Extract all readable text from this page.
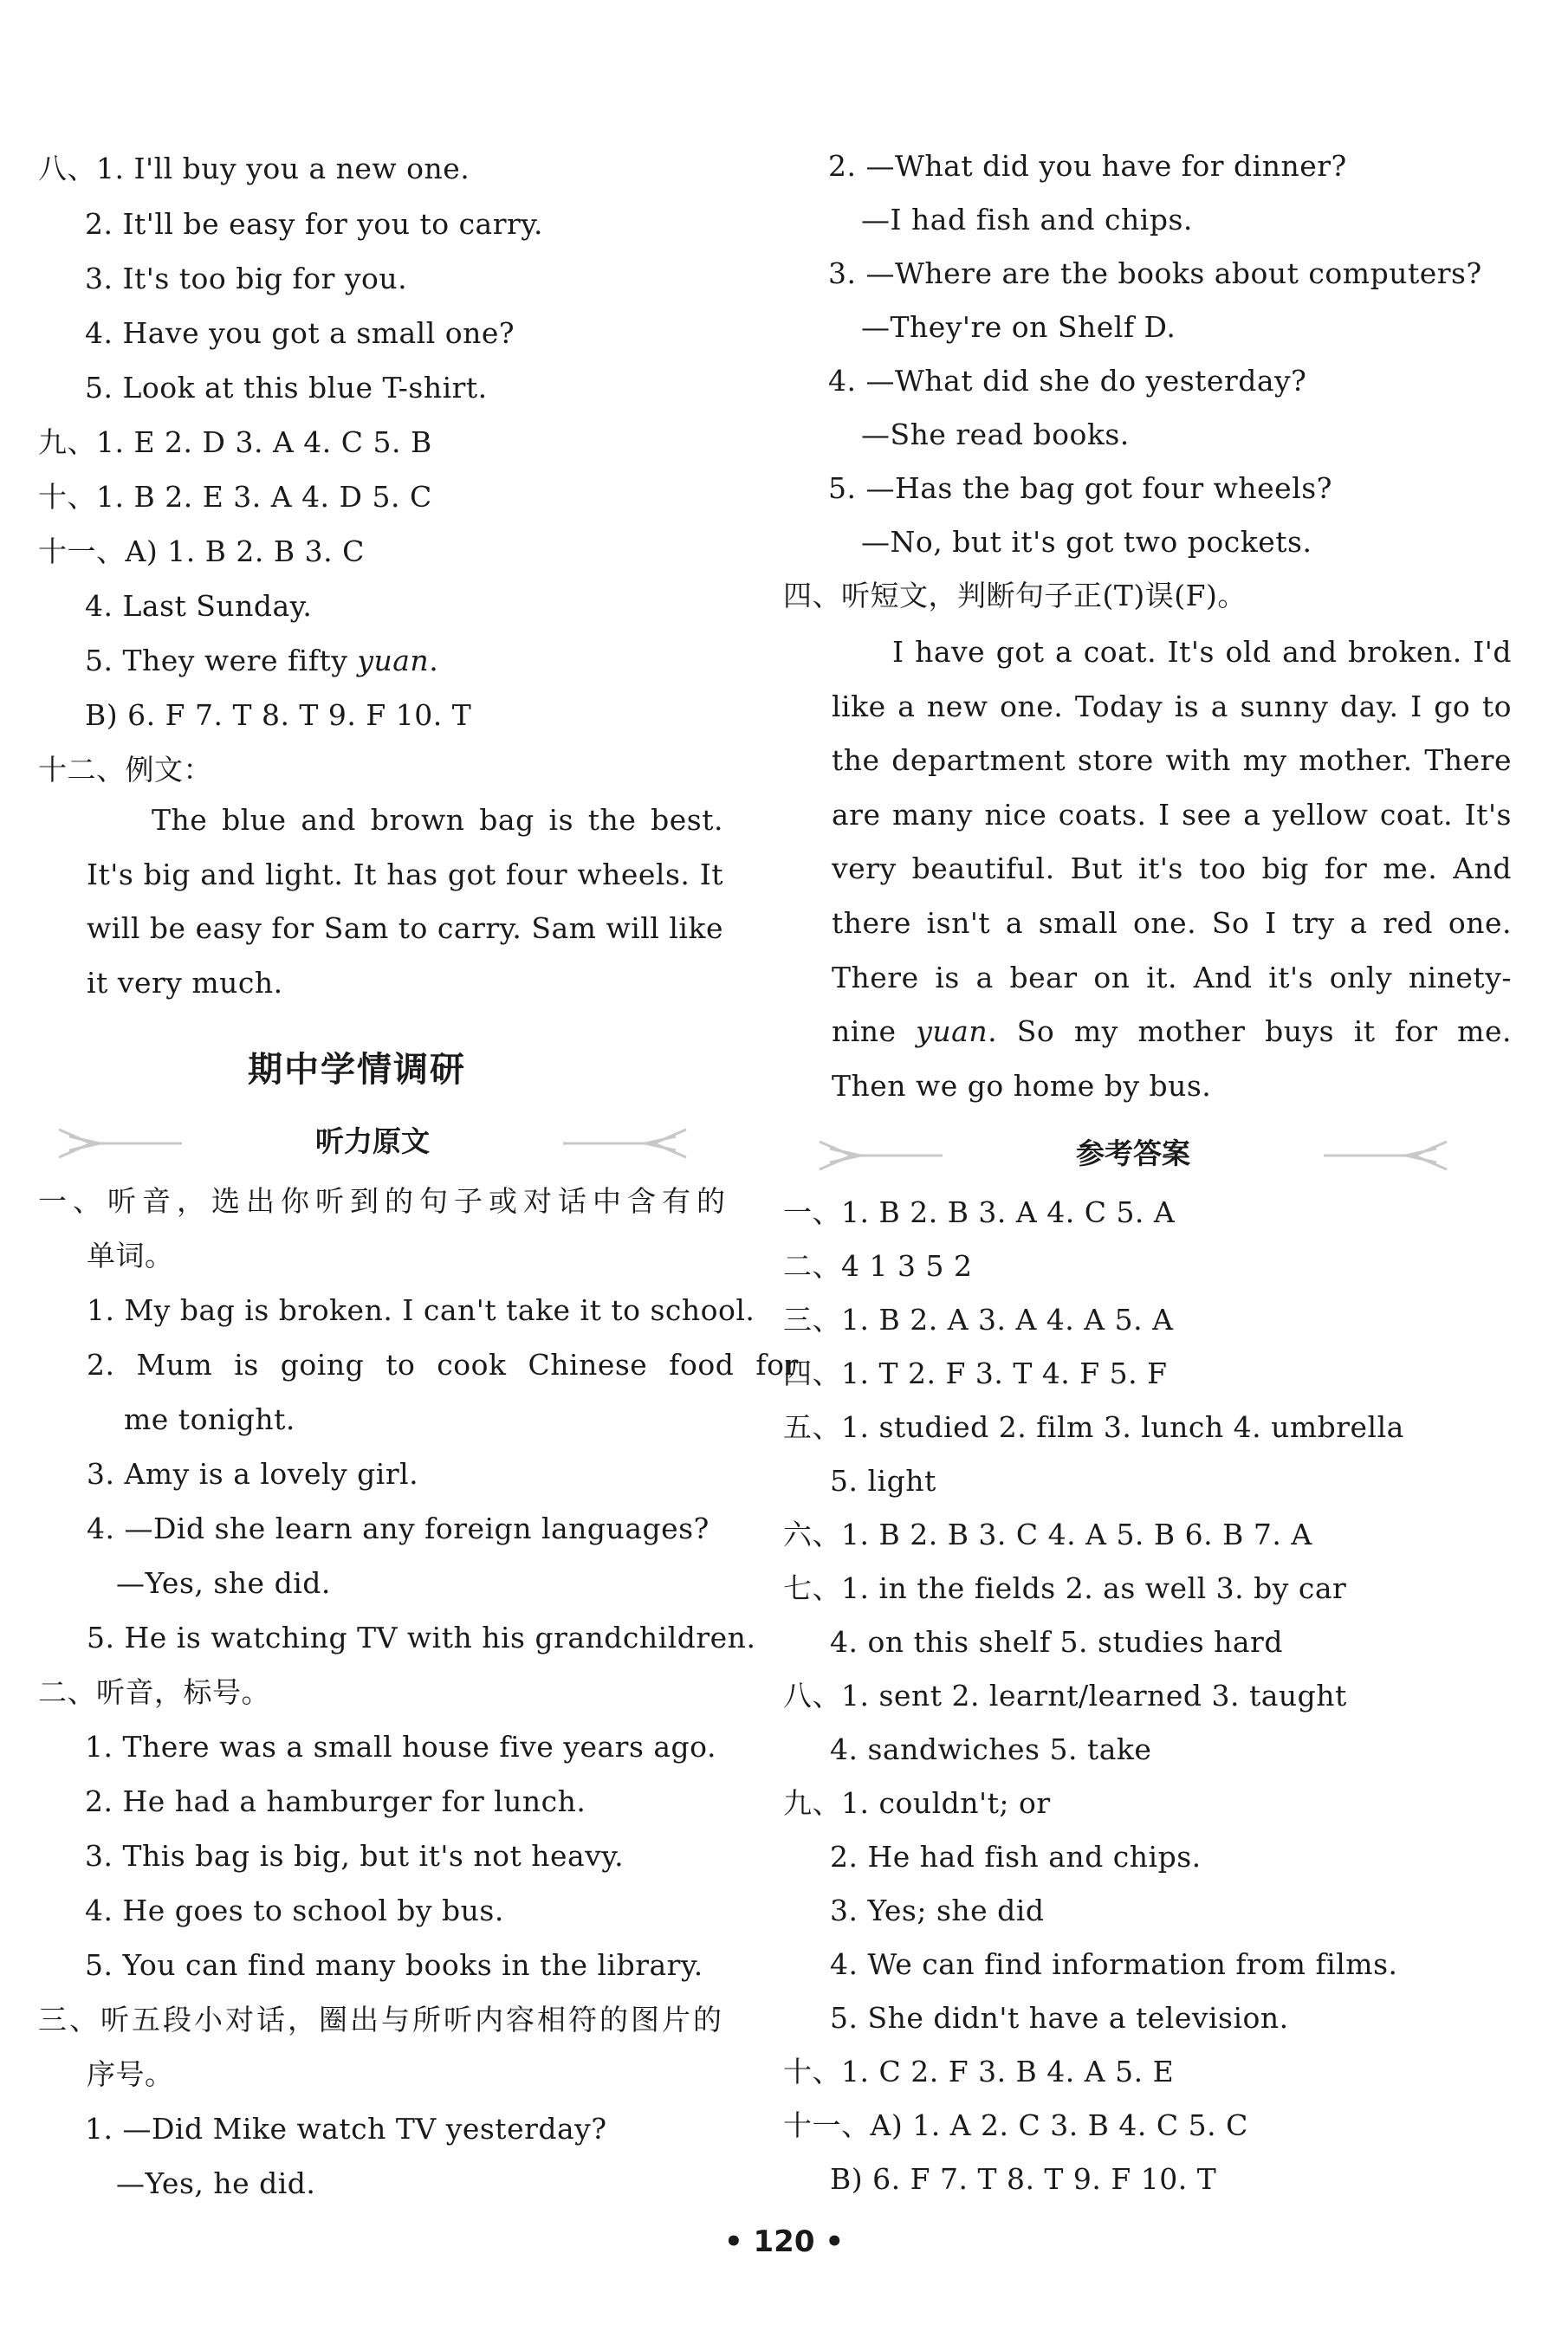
八、1. I'll buy you a new one.
2. It'll be easy for you to carry.
3. It's too big for you.
4. Have you got a small one?
5. Look at this blue T-shirt.
九、1. E 2. D 3. A 4. C 5. B
十、1. B 2. E 3. A 4. D 5. C
十一、A) 1. B 2. B 3. C
4. Last Sunday.
5. They were fifty yuan.
B) 6. F 7. T 8. T 9. F 10. T
十二、例文：
The blue and brown bag is the best. It's big and light. It has got four wheels. It will be easy for Sam to carry. Sam will like it very much.
期中学情调研
听力原文
一、听音，选出你听到的句子或对话中含有的
单词。
1. My bag is broken. I can't take it to school.
2. Mum is going to cook Chinese food for
me tonight.
3. Amy is a lovely girl.
4. —Did she learn any foreign languages?
—Yes, she did.
5. He is watching TV with his grandchildren.
二、听音，标号。
1. There was a small house five years ago.
2. He had a hamburger for lunch.
3. This bag is big, but it's not heavy.
4. He goes to school by bus.
5. You can find many books in the library.
三、听五段小对话，圈出与所听内容相符的图片的
序号。
1. —Did Mike watch TV yesterday?
—Yes, he did.
2. —What did you have for dinner?
—I had fish and chips.
3. —Where are the books about computers?
—They're on Shelf D.
4. —What did she do yesterday?
—She read books.
5. —Has the bag got four wheels?
—No, but it's got two pockets.
四、听短文，判断句子正(T)误(F)。
I have got a coat. It's old and broken. I'd like a new one. Today is a sunny day. I go to the department store with my mother. There are many nice coats. I see a yellow coat. It's very beautiful. But it's too big for me. And there isn't a small one. So I try a red one. There is a bear on it. And it's only ninety-nine yuan. So my mother buys it for me. Then we go home by bus.
参考答案
一、1. B 2. B 3. A 4. C 5. A
二、4 1 3 5 2
三、1. B 2. A 3. A 4. A 5. A
四、1. T 2. F 3. T 4. F 5. F
五、1. studied 2. film 3. lunch 4. umbrella
5. light
六、1. B 2. B 3. C 4. A 5. B 6. B 7. A
七、1. in the fields 2. as well 3. by car
4. on this shelf 5. studies hard
八、1. sent 2. learnt/learned 3. taught
4. sandwiches 5. take
九、1. couldn't; or
2. He had fish and chips.
3. Yes; she did
4. We can find information from films.
5. She didn't have a television.
十、1. C 2. F 3. B 4. A 5. E
十一、A) 1. A 2. C 3. B 4. C 5. C
B) 6. F 7. T 8. T 9. F 10. T
• 120 •
